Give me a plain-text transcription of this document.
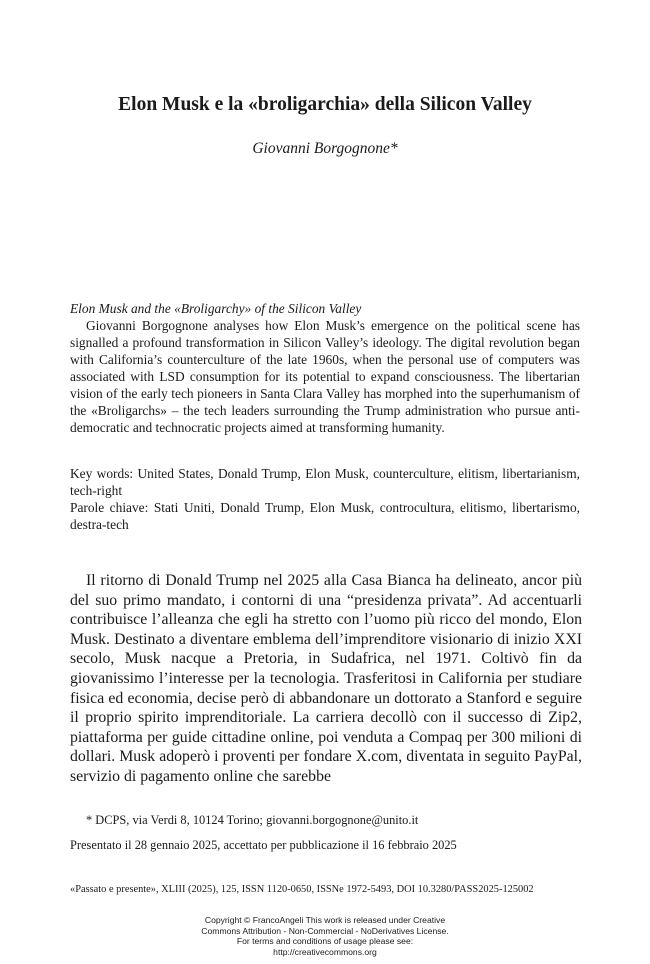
Elon Musk e la «broligarchia» della Silicon Valley
Giovanni Borgognone*
Elon Musk and the «Broligarchy» of the Silicon Valley
Giovanni Borgognone analyses how Elon Musk’s emergence on the political scene has signalled a profound transformation in Silicon Valley’s ideology. The digital revolution began with California’s counterculture of the late 1960s, when the personal use of computers was associated with LSD consumption for its potential to expand consciousness. The libertarian vision of the early tech pioneers in Santa Clara Valley has morphed into the superhumanism of the «Broligarchs» – the tech leaders surrounding the Trump administration who pursue anti-democratic and technocratic projects aimed at transforming humanity.
Key words: United States, Donald Trump, Elon Musk, counterculture, elitism, libertarianism, tech-right
Parole chiave: Stati Uniti, Donald Trump, Elon Musk, controcultura, elitismo, libertarismo, destra-tech

Il ritorno di Donald Trump nel 2025 alla Casa Bianca ha delineato, ancor più del suo primo mandato, i contorni di una “presidenza privata”. Ad accentuarli contribuisce l’alleanza che egli ha stretto con l’uomo più ricco del mondo, Elon Musk. Destinato a diventare emblema dell’imprenditore visionario di inizio XXI secolo, Musk nacque a Pretoria, in Sudafrica, nel 1971. Coltivò fin da giovanissimo l’interesse per la tecnologia. Trasferitosi in California per studiare fisica ed economia, decise però di abbandonare un dottorato a Stanford e seguire il proprio spirito imprenditoriale. La carriera decollò con il successo di Zip2, piattaforma per guide cittadine online, poi venduta a Compaq per 300 milioni di dollari. Musk adoperò i proventi per fondare X.com, diventata in seguito PayPal, servizio di pagamento online che sarebbe

* DCPS, via Verdi 8, 10124 Torino; giovanni.borgognone@unito.it
Presentato il 28 gennaio 2025, accettato per pubblicazione il 16 febbraio 2025
«Passato e presente», XLIII (2025), 125, ISSN 1120-0650, ISSNe 1972-5493, DOI 10.3280/PASS2025-125002
Copyright © FrancoAngeli This work is released under Creative
Commons Attribution - Non-Commercial - NoDerivatives License.
For terms and conditions of usage please see:
http://creativecommons.org
